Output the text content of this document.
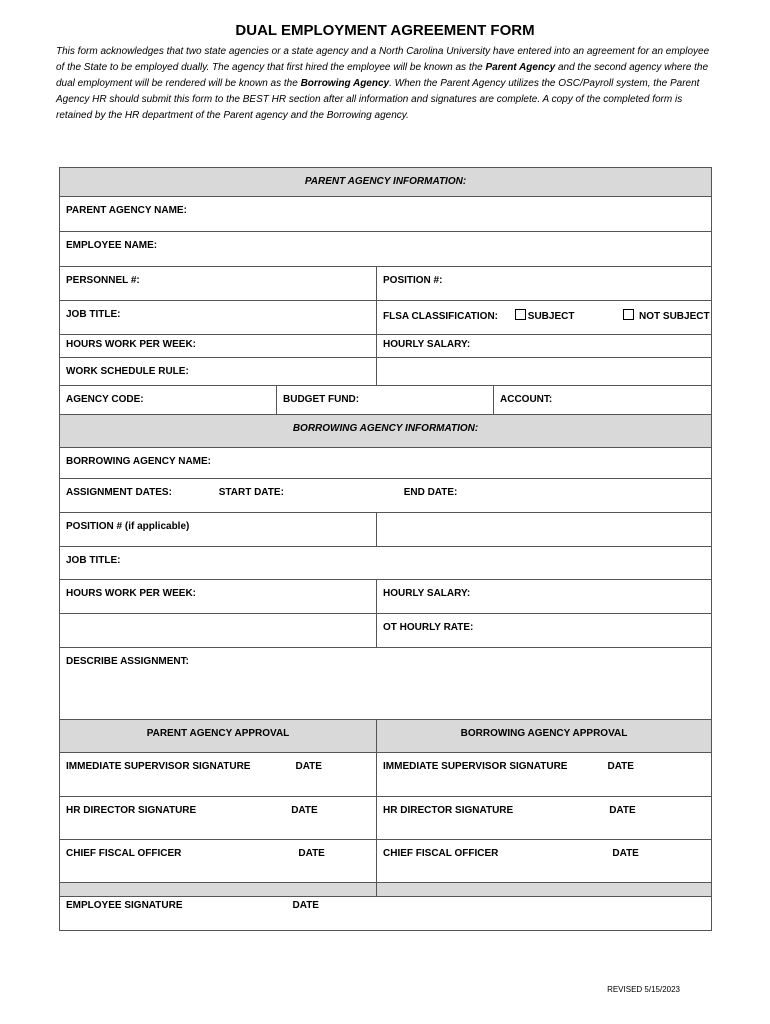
DUAL EMPLOYMENT AGREEMENT FORM
This form acknowledges that two state agencies or a state agency and a North Carolina University have entered into an agreement for an employee of the State to be employed dually. The agency that first hired the employee will be known as the Parent Agency and the second agency where the dual employment will be rendered will be known as the Borrowing Agency. When the Parent Agency utilizes the OSC/Payroll system, the Parent Agency HR should submit this form to the BEST HR section after all information and signatures are complete. A copy of the completed form is retained by the HR department of the Parent agency and the Borrowing agency.
PARENT AGENCY INFORMATION:			
PARENT AGENCY NAME:			
EMPLOYEE NAME:			
PERSONNEL #:		POSITION #:	
JOB TITLE:		FLSA CLASSIFICATION: SUBJECT NOT SUBJECT	
HOURS WORK PER WEEK:		HOURLY SALARY:	
WORK SCHEDULE RULE:			
AGENCY CODE:	BUDGET FUND:		ACCOUNT:
BORROWING AGENCY INFORMATION:			
BORROWING AGENCY NAME:			
ASSIGNMENT DATES: START DATE: END DATE:			
POSITION # (if applicable)			
JOB TITLE:			
HOURS WORK PER WEEK:		HOURLY SALARY:	
		OT HOURLY RATE:	
DESCRIBE ASSIGNMENT:			
PARENT AGENCY APPROVAL		BORROWING AGENCY APPROVAL	
IMMEDIATE SUPERVISOR SIGNATURE DATE		IMMEDIATE SUPERVISOR SIGNATURE DATE	
HR DIRECTOR SIGNATURE DATE		HR DIRECTOR SIGNATURE DATE	
CHIEF FISCAL OFFICER DATE		CHIEF FISCAL OFFICER DATE	

EMPLOYEE SIGNATURE DATE			
REVISED 5/15/2023
